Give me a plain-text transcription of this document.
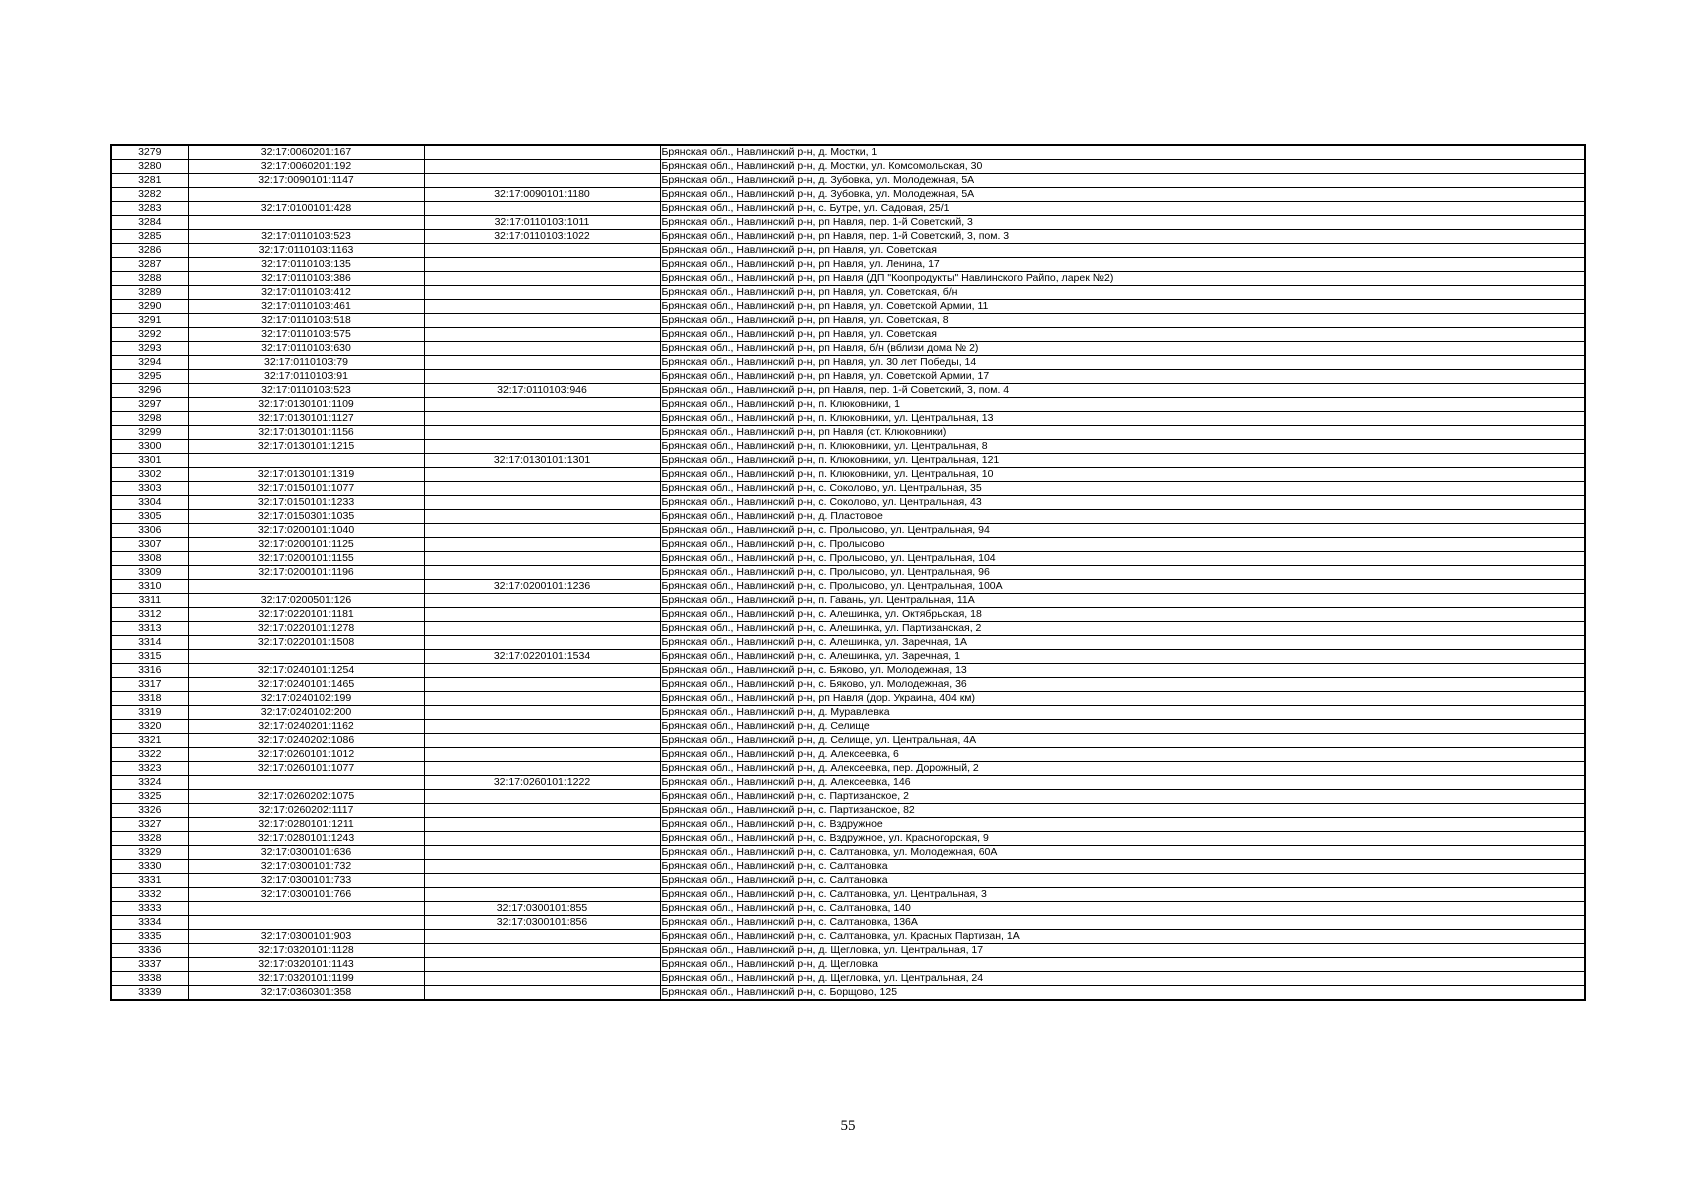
3279	32:17:0060201:167		Брянская обл., Навлинский р-н, д. Мостки, 1
3280	32:17:0060201:192		Брянская обл., Навлинский р-н, д. Мостки, ул. Комсомольская, 30
3281	32:17:0090101:1147		Брянская обл., Навлинский р-н, д. Зубовка, ул. Молодежная, 5А
3282		32:17:0090101:1180	Брянская обл., Навлинский р-н, д. Зубовка, ул. Молодежная, 5А
3283	32:17:0100101:428		Брянская обл., Навлинский р-н, с. Бутре, ул. Садовая, 25/1
3284		32:17:0110103:1011	Брянская обл., Навлинский р-н, рп Навля, пер. 1-й Советский, 3
3285	32:17:0110103:523	32:17:0110103:1022	Брянская обл., Навлинский р-н, рп Навля, пер. 1-й Советский, 3, пом. 3
3286	32:17:0110103:1163		Брянская обл., Навлинский р-н, рп Навля, ул. Советская
3287	32:17:0110103:135		Брянская обл., Навлинский р-н, рп Навля, ул. Ленина, 17
3288	32:17:0110103:386		Брянская обл., Навлинский р-н, рп Навля (ДП "Коопродукты" Навлинского Райпо, ларек №2)
3289	32:17:0110103:412		Брянская обл., Навлинский р-н, рп Навля, ул. Советская, б/н
3290	32:17:0110103:461		Брянская обл., Навлинский р-н, рп Навля, ул. Советской Армии, 11
3291	32:17:0110103:518		Брянская обл., Навлинский р-н, рп Навля, ул. Советская, 8
3292	32:17:0110103:575		Брянская обл., Навлинский р-н, рп Навля, ул. Советская
3293	32:17:0110103:630		Брянская обл., Навлинский р-н, рп Навля, б/н (вблизи дома № 2)
3294	32:17:0110103:79		Брянская обл., Навлинский р-н, рп Навля, ул. 30 лет Победы, 14
3295	32:17:0110103:91		Брянская обл., Навлинский р-н, рп Навля, ул. Советской Армии, 17
3296	32:17:0110103:523	32:17:0110103:946	Брянская обл., Навлинский р-н, рп Навля, пер. 1-й Советский, 3, пом. 4
3297	32:17:0130101:1109		Брянская обл., Навлинский р-н, п. Клюковники, 1
3298	32:17:0130101:1127		Брянская обл., Навлинский р-н, п. Клюковники, ул. Центральная, 13
3299	32:17:0130101:1156		Брянская обл., Навлинский р-н, рп Навля (ст. Клюковники)
3300	32:17:0130101:1215		Брянская обл., Навлинский р-н, п. Клюковники, ул. Центральная, 8
3301		32:17:0130101:1301	Брянская обл., Навлинский р-н, п. Клюковники, ул. Центральная, 121
3302	32:17:0130101:1319		Брянская обл., Навлинский р-н, п. Клюковники, ул. Центральная, 10
3303	32:17:0150101:1077		Брянская обл., Навлинский р-н, с. Соколово, ул. Центральная, 35
3304	32:17:0150101:1233		Брянская обл., Навлинский р-н, с. Соколово, ул. Центральная, 43
3305	32:17:0150301:1035		Брянская обл., Навлинский р-н, д. Пластовое
3306	32:17:0200101:1040		Брянская обл., Навлинский р-н, с. Пролысово, ул. Центральная, 94
3307	32:17:0200101:1125		Брянская обл., Навлинский р-н, с. Пролысово
3308	32:17:0200101:1155		Брянская обл., Навлинский р-н, с. Пролысово, ул. Центральная, 104
3309	32:17:0200101:1196		Брянская обл., Навлинский р-н, с. Пролысово, ул. Центральная, 96
3310		32:17:0200101:1236	Брянская обл., Навлинский р-н, с. Пролысово, ул. Центральная, 100А
3311	32:17:0200501:126		Брянская обл., Навлинский р-н, п. Гавань, ул. Центральная, 11А
3312	32:17:0220101:1181		Брянская обл., Навлинский р-н, с. Алешинка, ул. Октябрьская, 18
3313	32:17:0220101:1278		Брянская обл., Навлинский р-н, с. Алешинка, ул. Партизанская, 2
3314	32:17:0220101:1508		Брянская обл., Навлинский р-н, с. Алешинка, ул. Заречная, 1А
3315		32:17:0220101:1534	Брянская обл., Навлинский р-н, с. Алешинка, ул. Заречная, 1
3316	32:17:0240101:1254		Брянская обл., Навлинский р-н, с. Бяково, ул. Молодежная, 13
3317	32:17:0240101:1465		Брянская обл., Навлинский р-н, с. Бяково, ул. Молодежная, 36
3318	32:17:0240102:199		Брянская обл., Навлинский р-н, рп Навля (дор. Украина, 404 км)
3319	32:17:0240102:200		Брянская обл., Навлинский р-н, д. Муравлевка
3320	32:17:0240201:1162		Брянская обл., Навлинский р-н, д. Селище
3321	32:17:0240202:1086		Брянская обл., Навлинский р-н, д. Селище, ул. Центральная, 4А
3322	32:17:0260101:1012		Брянская обл., Навлинский р-н, д. Алексеевка, 6
3323	32:17:0260101:1077		Брянская обл., Навлинский р-н, д. Алексеевка, пер. Дорожный, 2
3324		32:17:0260101:1222	Брянская обл., Навлинский р-н, д. Алексеевка, 146
3325	32:17:0260202:1075		Брянская обл., Навлинский р-н, с. Партизанское, 2
3326	32:17:0260202:1117		Брянская обл., Навлинский р-н, с. Партизанское, 82
3327	32:17:0280101:1211		Брянская обл., Навлинский р-н, с. Вздружное
3328	32:17:0280101:1243		Брянская обл., Навлинский р-н, с. Вздружное, ул. Красногорская, 9
3329	32:17:0300101:636		Брянская обл., Навлинский р-н, с. Салтановка, ул. Молодежная, 60А
3330	32:17:0300101:732		Брянская обл., Навлинский р-н, с. Салтановка
3331	32:17:0300101:733		Брянская обл., Навлинский р-н, с. Салтановка
3332	32:17:0300101:766		Брянская обл., Навлинский р-н, с. Салтановка, ул. Центральная, 3
3333		32:17:0300101:855	Брянская обл., Навлинский р-н, с. Салтановка, 140
3334		32:17:0300101:856	Брянская обл., Навлинский р-н, с. Салтановка, 136А
3335	32:17:0300101:903		Брянская обл., Навлинский р-н, с. Салтановка, ул. Красных Партизан, 1А
3336	32:17:0320101:1128		Брянская обл., Навлинский р-н, д. Щегловка, ул. Центральная, 17
3337	32:17:0320101:1143		Брянская обл., Навлинский р-н, д. Щегловка
3338	32:17:0320101:1199		Брянская обл., Навлинский р-н, д. Щегловка, ул. Центральная, 24
3339	32:17:0360301:358		Брянская обл., Навлинский р-н, с. Борщово, 125
55
